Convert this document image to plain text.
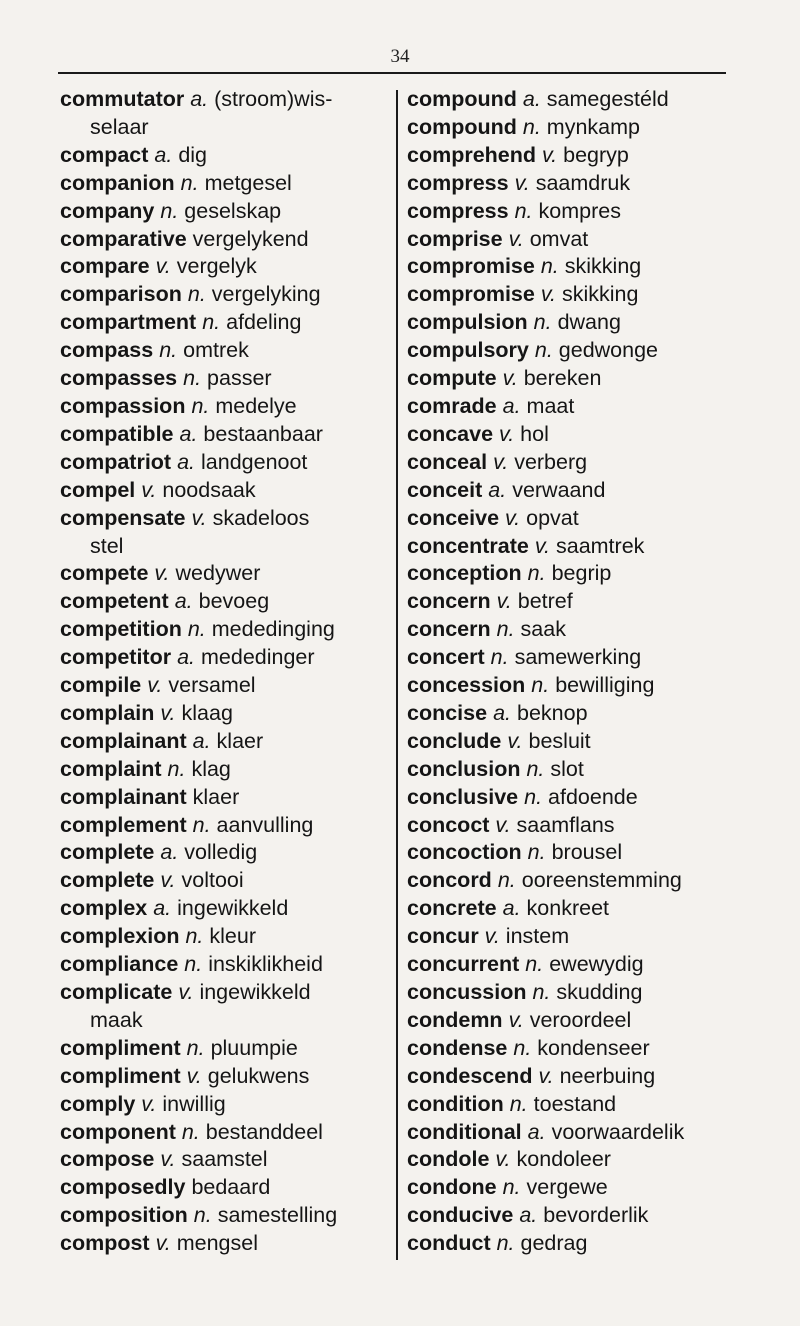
34
commutator a. (stroom)wis-
selaar
compact a. dig
companion n. metgesel
company n. geselskap
comparative vergelykend
compare v. vergelyk
comparison n. vergelyking
compartment n. afdeling
compass n. omtrek
compasses n. passer
compassion n. medelye
compatible a. bestaanbaar
compatriot a. landgenoot
compel v. noodsaak
compensate v. skadeloos
stel
compete v. wedywer
competent a. bevoeg
competition n. mededinging
competitor a. mededinger
compile v. versamel
complain v. klaag
complainant a. klaer
complaint n. klag
complainant klaer
complement n. aanvulling
complete a. volledig
complete v. voltooi
complex a. ingewikkeld
complexion n. kleur
compliance n. inskiklikheid
complicate v. ingewikkeld
maak
compliment n. pluumpie
compliment v. gelukwens
comply v. inwillig
component n. bestanddeel
compose v. saamstel
composedly bedaard
composition n. samestelling
compost v. mengsel
compound a. samegestéld
compound n. mynkamp
comprehend v. begryp
compress v. saamdruk
compress n. kompres
comprise v. omvat
compromise n. skikking
compromise v. skikking
compulsion n. dwang
compulsory n. gedwonge
compute v. bereken
comrade a. maat
concave v. hol
conceal v. verberg
conceit a. verwaand
conceive v. opvat
concentrate v. saamtrek
conception n. begrip
concern v. betref
concern n. saak
concert n. samewerking
concession n. bewilliging
concise a. beknop
conclude v. besluit
conclusion n. slot
conclusive n. afdoende
concoct v. saamflans
concoction n. brousel
concord n. ooreenstemming
concrete a. konkreet
concur v. instem
concurrent n. ewewydig
concussion n. skudding
condemn v. veroordeel
condense n. kondenseer
condescend v. neerbuing
condition n. toestand
conditional a. voorwaardelik
condole v. kondoleer
condone n. vergewe
conducive a. bevorderlik
conduct n. gedrag
